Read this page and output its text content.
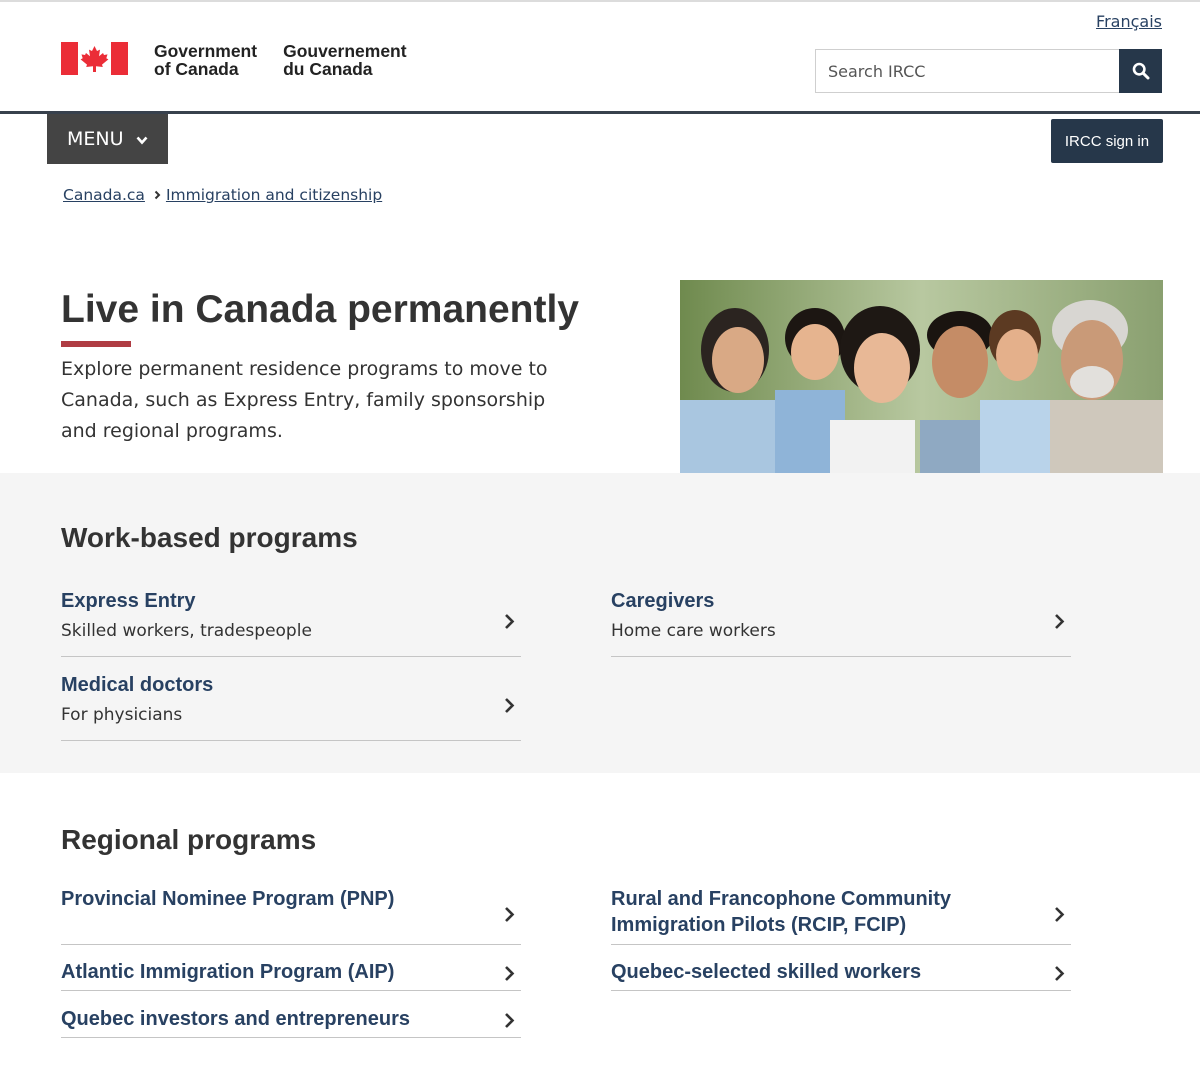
Français
Government
of Canada
Gouvernement
du Canada
Search IRCC
MENU	IRCC sign in
Canada.ca Immigration and citizenship
Live in Canada permanently

Explore permanent residence programs to move to Canada, such as Express Entry, family sponsorship and regional programs.

Work-based programs
Express Entry
Skilled workers, tradespeople
Caregivers
Home care workers
Medical doctors
For physicians
Regional programs
Provincial Nominee Program (PNP)	Rural and Francophone Community Immigration Pilots (RCIP, FCIP)
Atlantic Immigration Program (AIP)	Quebec-selected skilled workers
Quebec investors and entrepreneurs
